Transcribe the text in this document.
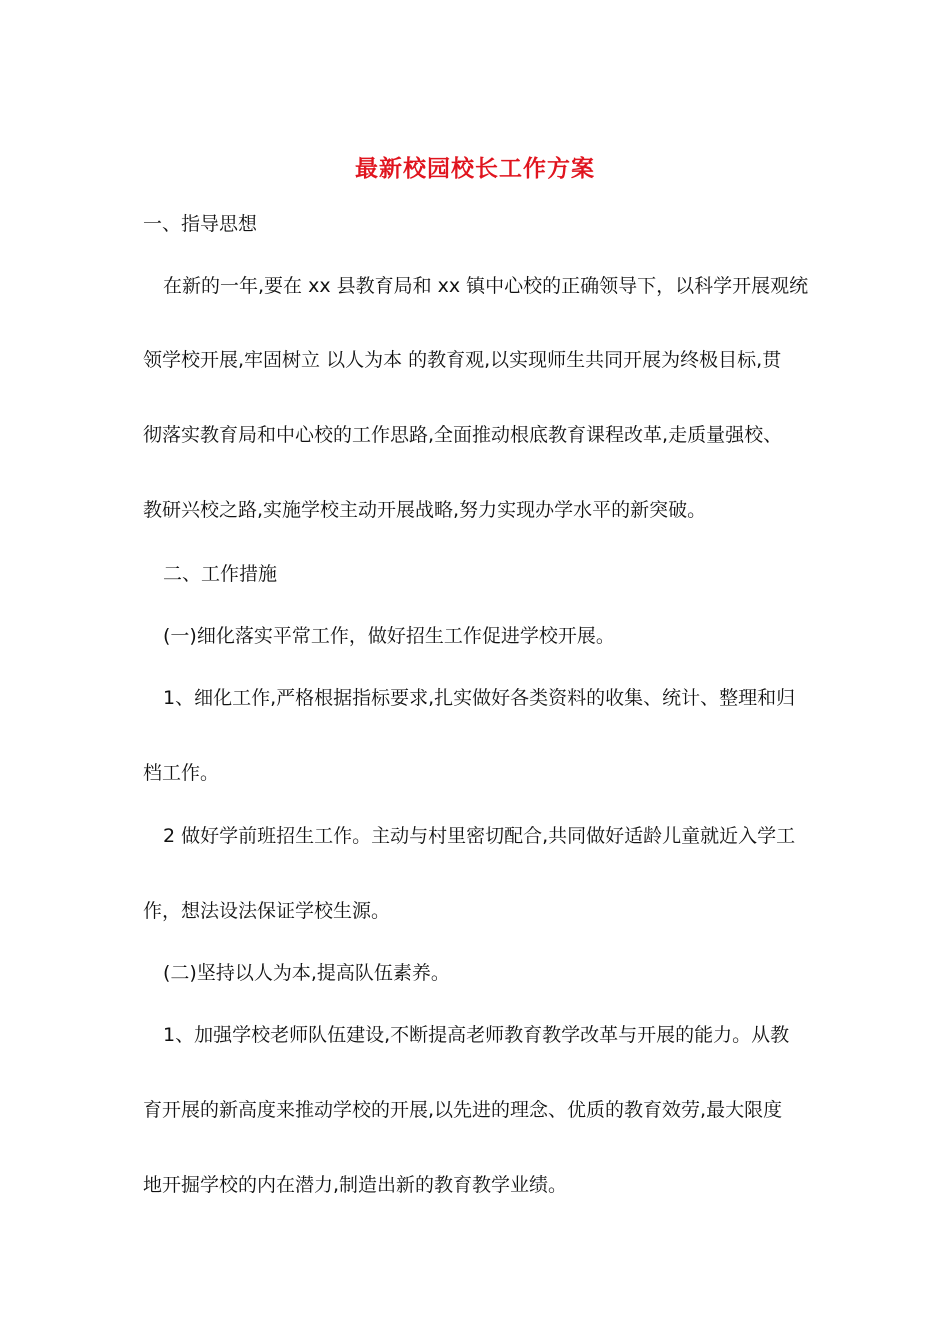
最新校园校长工作方案
一、指导思想
在新的一年,要在 xx 县教育局和 xx 镇中心校的正确领导下，以科学开展观统
领学校开展,牢固树立 以人为本 的教育观,以实现师生共同开展为终极目标,贯
彻落实教育局和中心校的工作思路,全面推动根底教育课程改革,走质量强校、
教研兴校之路,实施学校主动开展战略,努力实现办学水平的新突破。
二、工作措施
(一)细化落实平常工作，做好招生工作促进学校开展。
1、细化工作,严格根据指标要求,扎实做好各类资料的收集、统计、整理和归
档工作。
2 做好学前班招生工作。主动与村里密切配合,共同做好适龄儿童就近入学工
作，想法设法保证学校生源。
(二)坚持以人为本,提高队伍素养。
1、加强学校老师队伍建设,不断提高老师教育教学改革与开展的能力。从教
育开展的新高度来推动学校的开展,以先进的理念、优质的教育效劳,最大限度
地开掘学校的内在潜力,制造出新的教育教学业绩。
